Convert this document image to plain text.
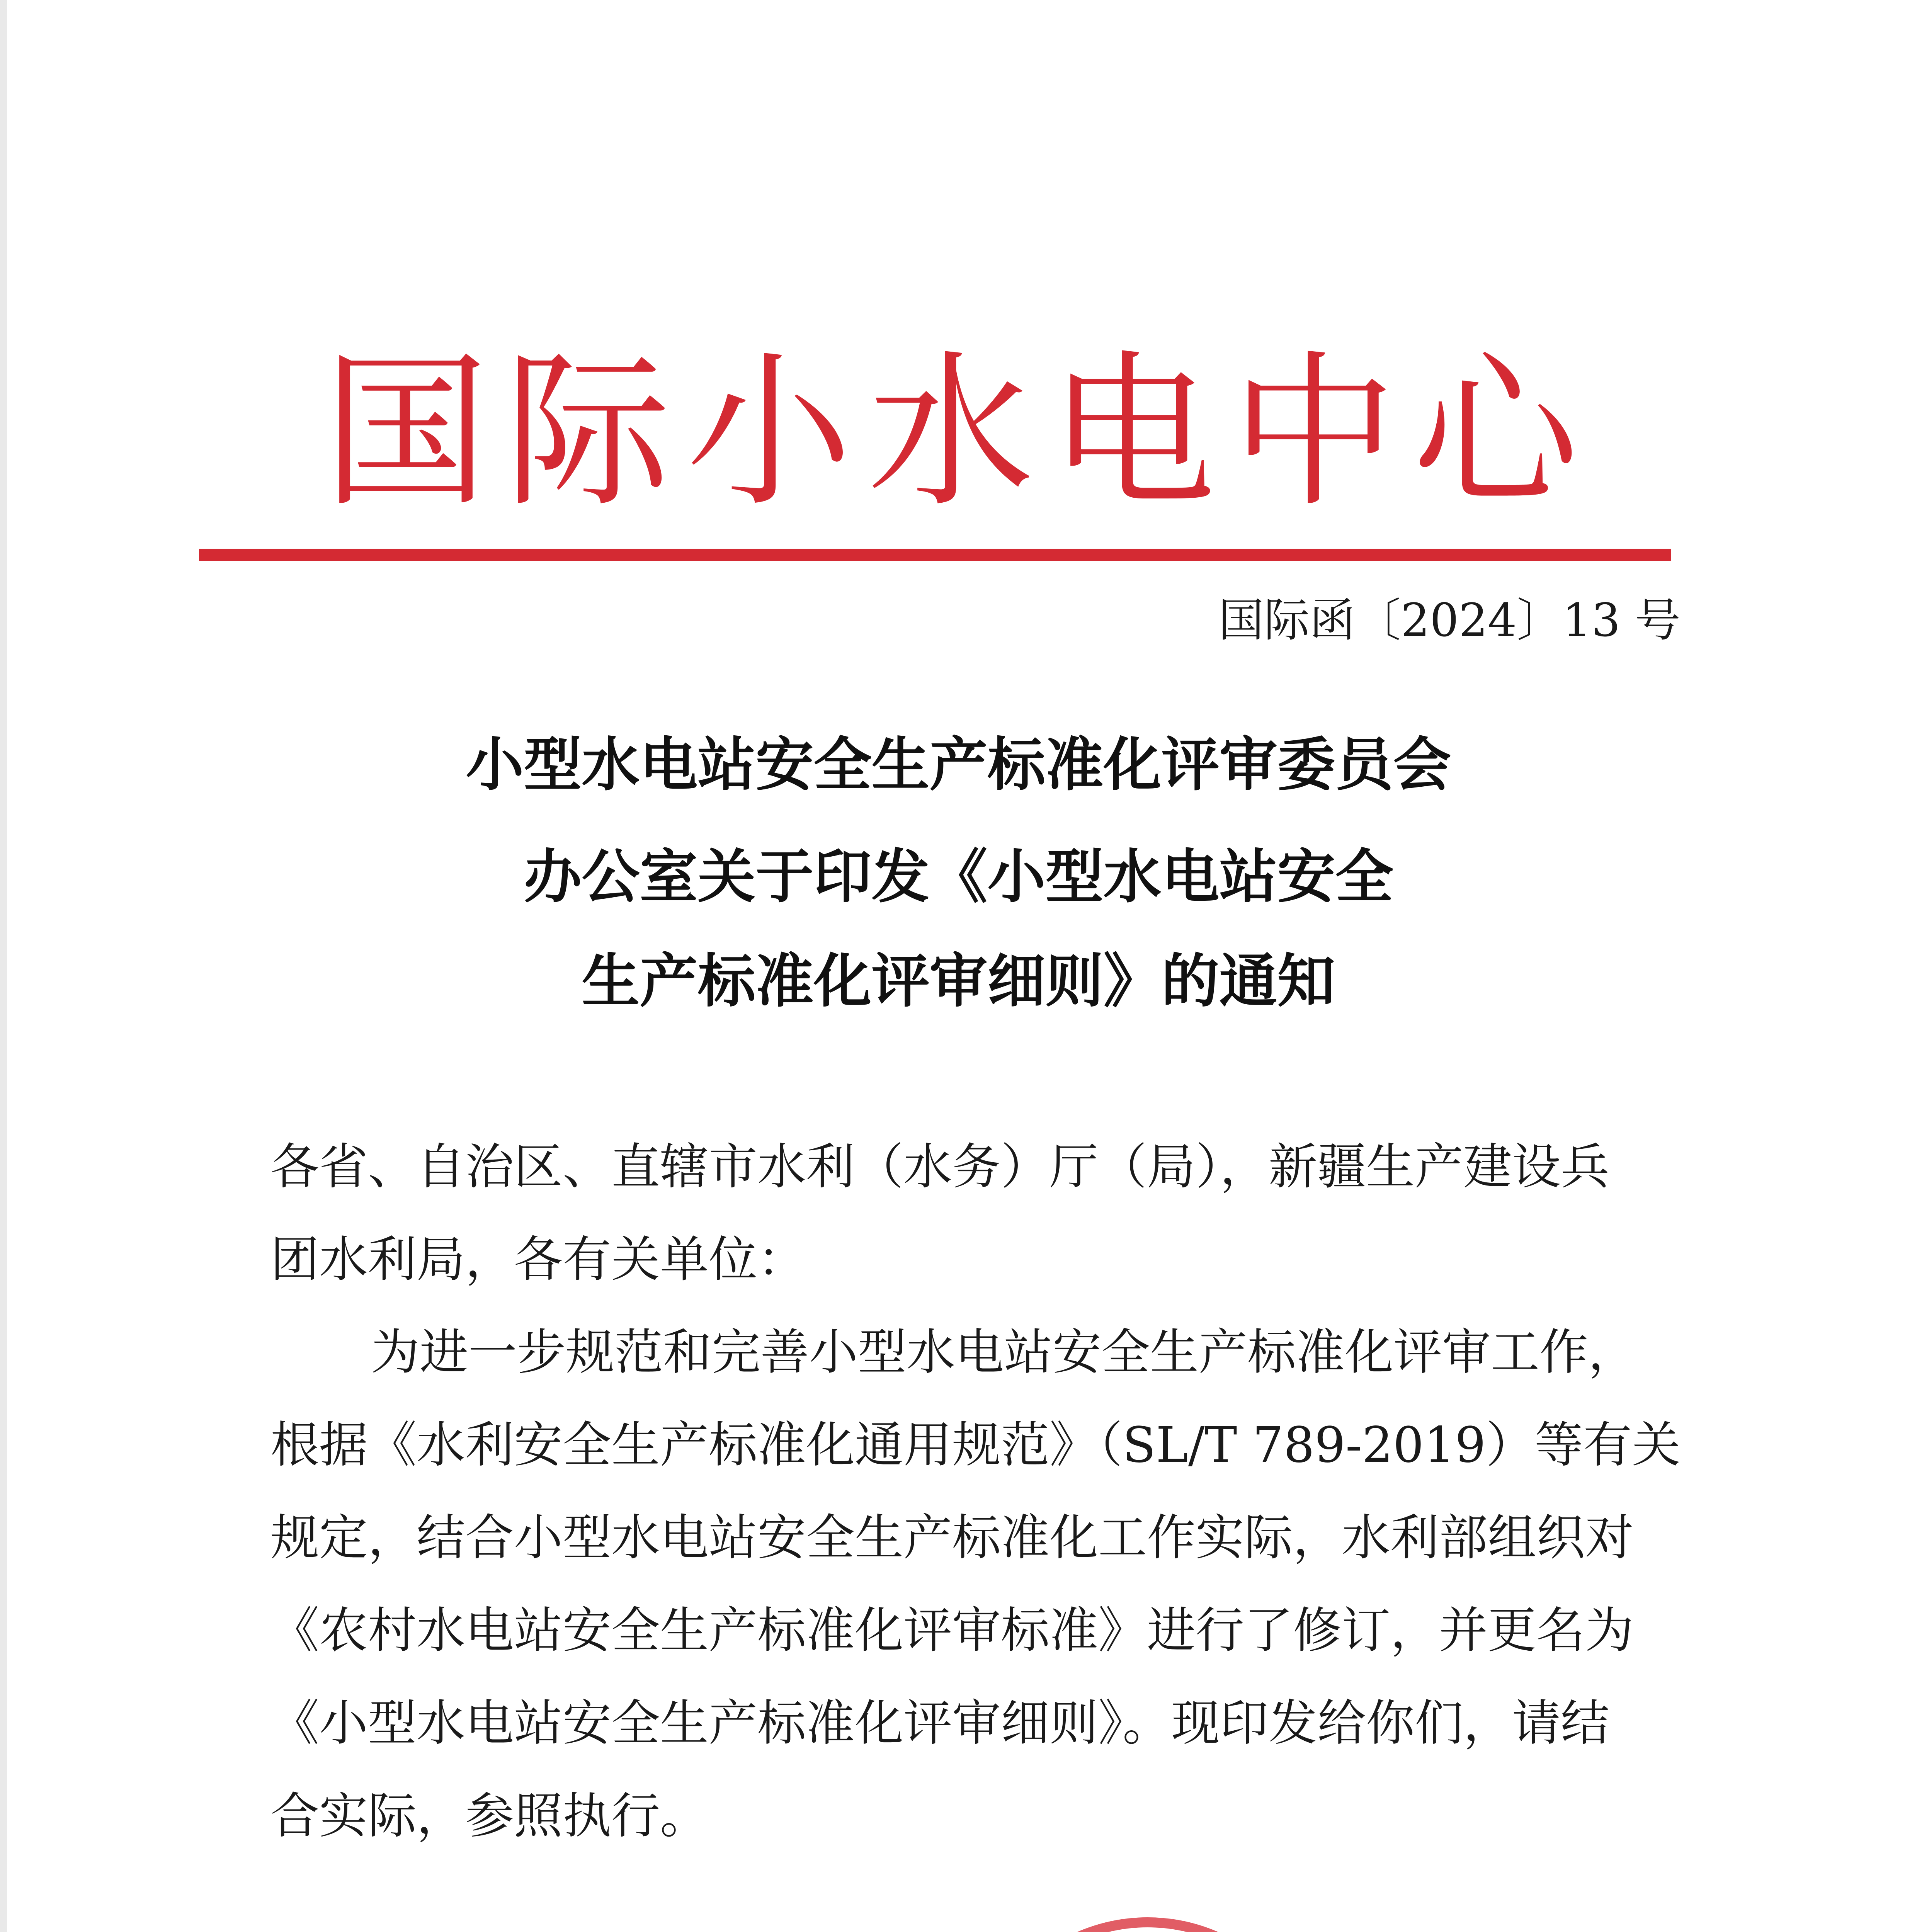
国际小水电中心
国际函〔2024〕13 号
小型水电站安全生产标准化评审委员会
办公室关于印发《小型水电站安全
生产标准化评审细则》的通知
各省、自治区、直辖市水利（水务）厅（局），新疆生产建设兵
团水利局，各有关单位：
为进一步规范和完善小型水电站安全生产标准化评审工作，
根据《水利安全生产标准化通用规范》（SL/T 789-2019）等有关
规定，结合小型水电站安全生产标准化工作实际，水利部组织对
《农村水电站安全生产标准化评审标准》进行了修订，并更名为
《小型水电站安全生产标准化评审细则》。现印发给你们，请结
合实际，参照执行。
